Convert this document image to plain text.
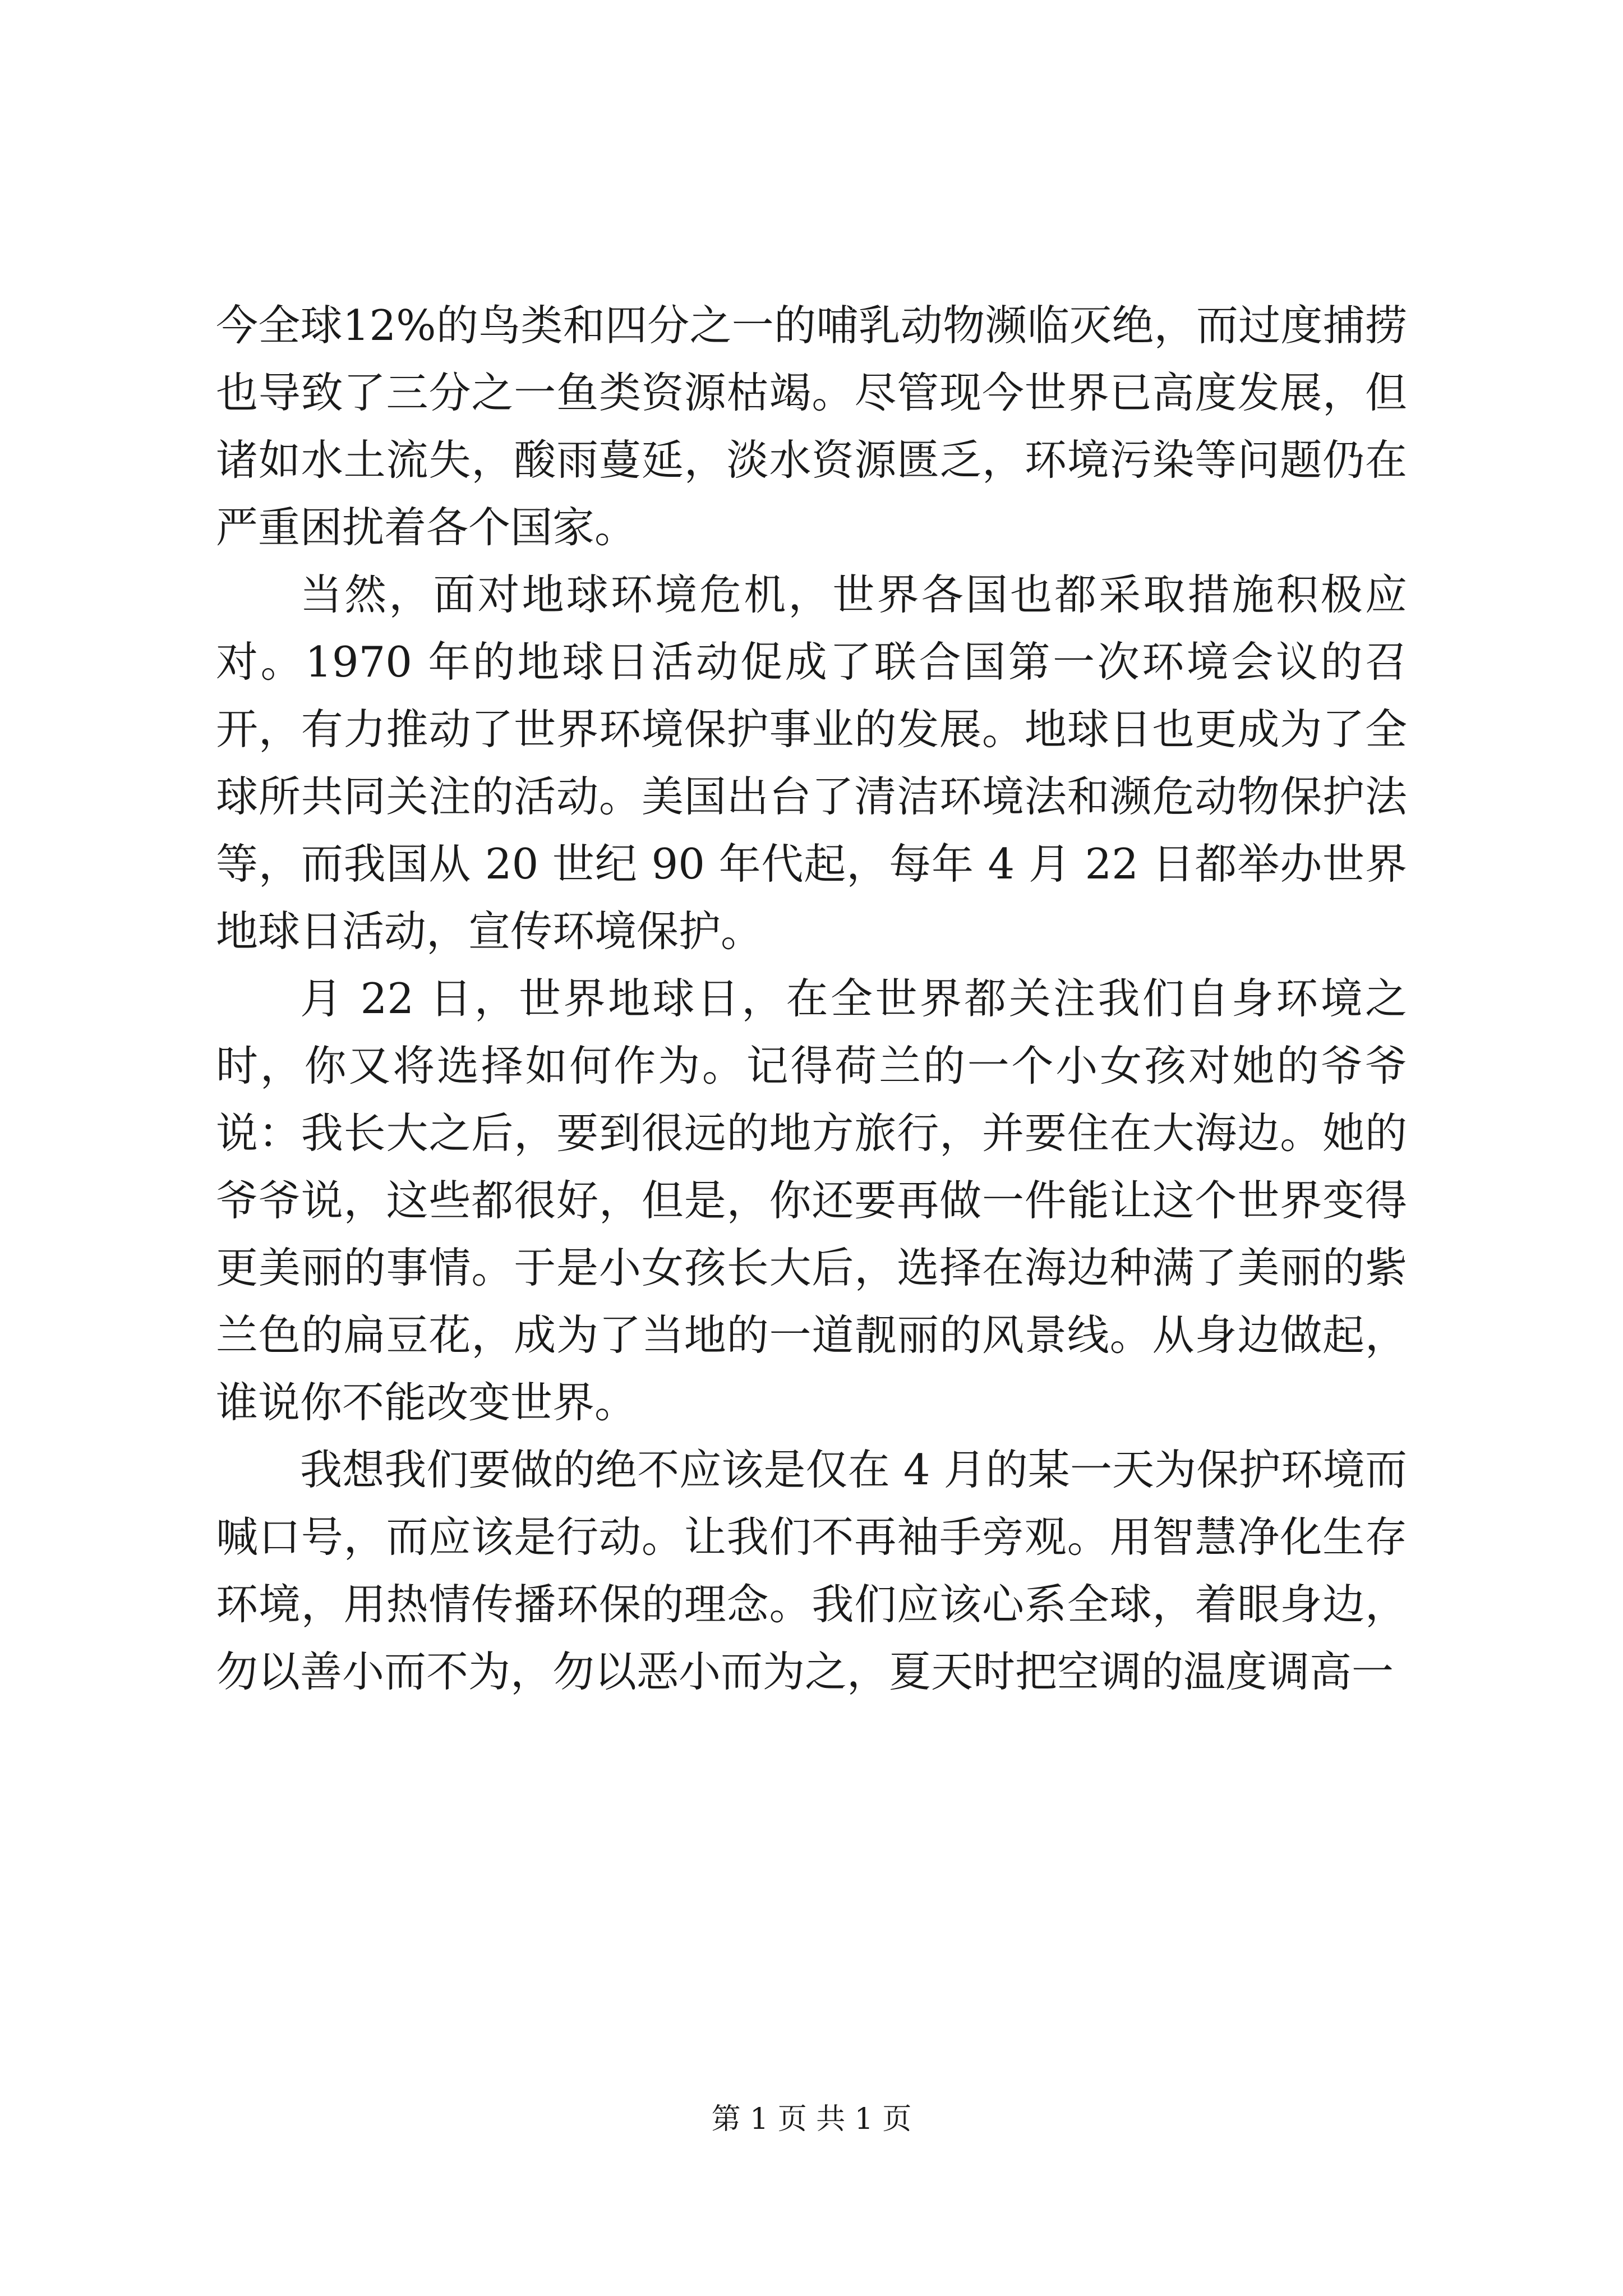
今全球12%的鸟类和四分之一的哺乳动物濒临灭绝，而过度捕捞也导致了三分之一鱼类资源枯竭。尽管现今世界已高度发展，但诸如水土流失，酸雨蔓延，淡水资源匮乏，环境污染等问题仍在严重困扰着各个国家。

当然，面对地球环境危机，世界各国也都采取措施积极应对。1970 年的地球日活动促成了联合国第一次环境会议的召开，有力推动了世界环境保护事业的发展。地球日也更成为了全球所共同关注的活动。美国出台了清洁环境法和濒危动物保护法等，而我国从 20 世纪 90 年代起，每年 4 月 22 日都举办世界地球日活动，宣传环境保护。

月 22 日，世界地球日，在全世界都关注我们自身环境之时，你又将选择如何作为。记得荷兰的一个小女孩对她的爷爷说：我长大之后，要到很远的地方旅行，并要住在大海边。她的爷爷说，这些都很好，但是，你还要再做一件能让这个世界变得更美丽的事情。于是小女孩长大后，选择在海边种满了美丽的紫兰色的扁豆花，成为了当地的一道靓丽的风景线。从身边做起，谁说你不能改变世界。

我想我们要做的绝不应该是仅在 4 月的某一天为保护环境而喊口号，而应该是行动。让我们不再袖手旁观。用智慧净化生存环境，用热情传播环保的理念。我们应该心系全球，着眼身边，勿以善小而不为，勿以恶小而为之，夏天时把空调的温度调高一

第 1 页 共 1 页
